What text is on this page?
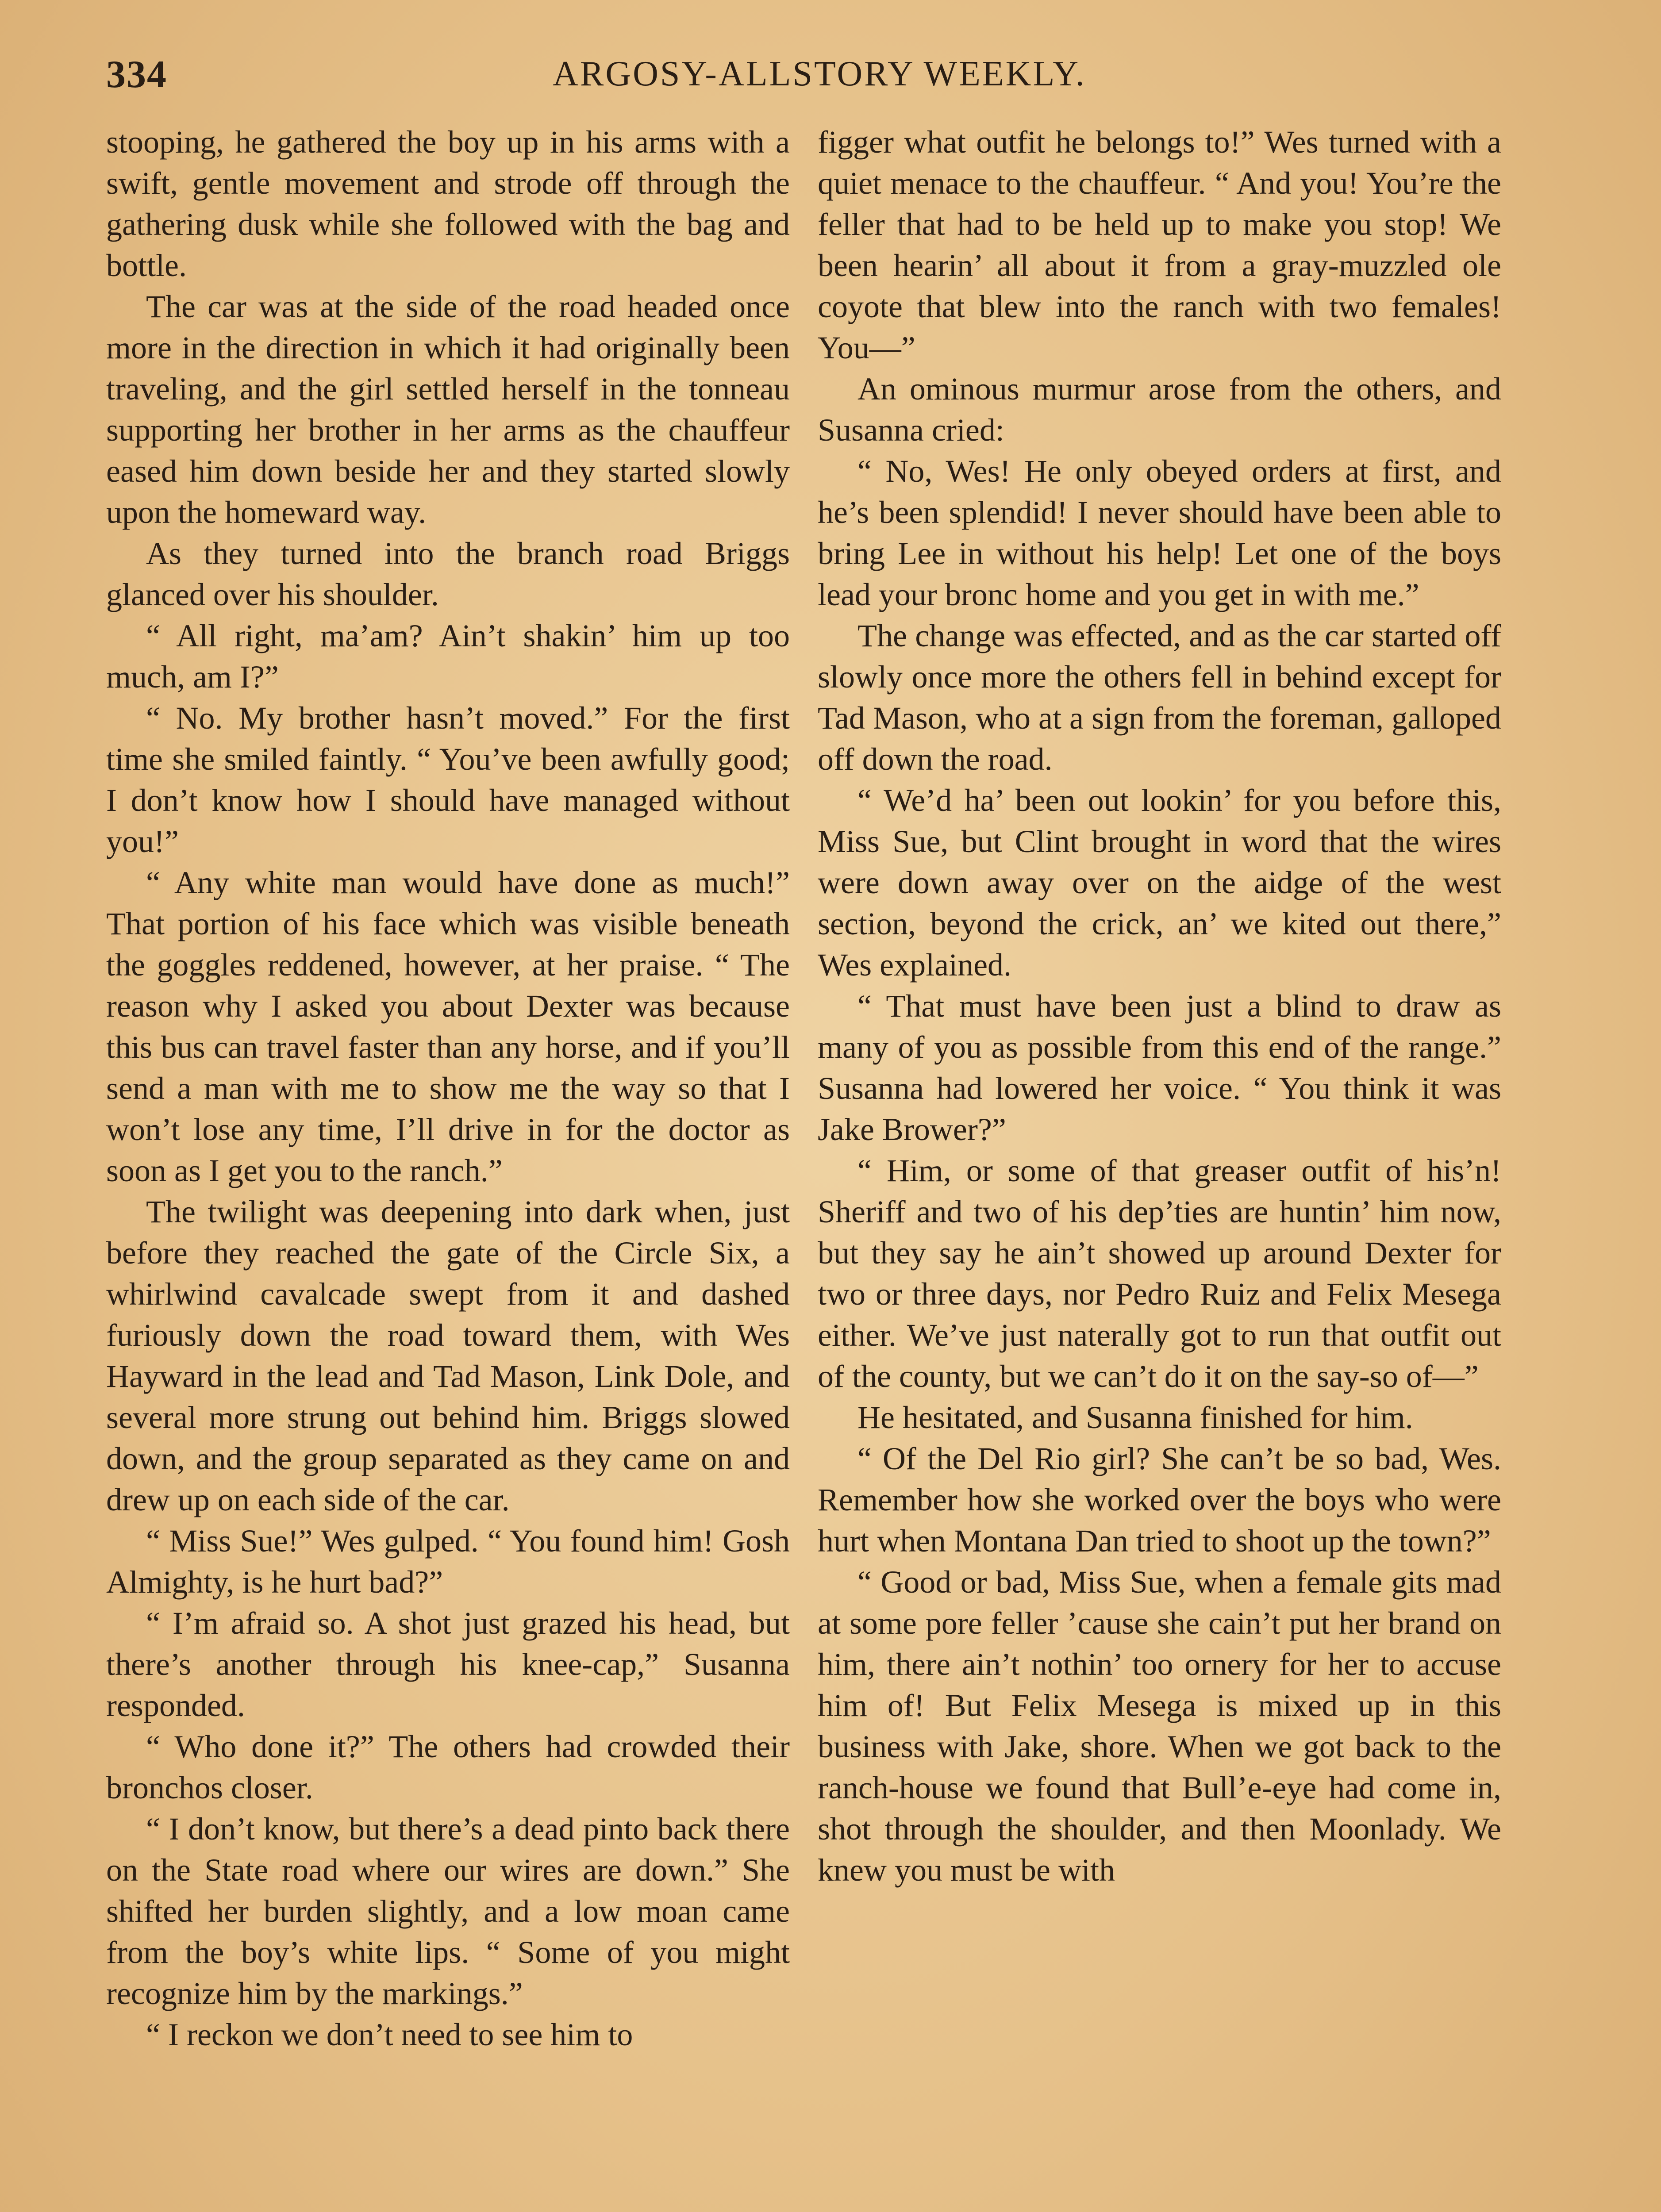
334	ARGOSY-ALLSTORY WEEKLY.

stooping, he gathered the boy up in his arms with a swift, gentle movement and strode off through the gathering dusk while she followed with the bag and bottle.

The car was at the side of the road headed once more in the direction in which it had originally been traveling, and the girl settled herself in the tonneau supporting her brother in her arms as the chauffeur eased him down beside her and they started slowly upon the homeward way.

As they turned into the branch road Briggs glanced over his shoulder.

“ All right, ma’am? Ain’t shakin’ him up too much, am I?”

“ No. My brother hasn’t moved.” For the first time she smiled faintly. “ You’ve been awfully good; I don’t know how I should have managed without you!”

“ Any white man would have done as much!” That portion of his face which was visible beneath the goggles reddened, however, at her praise. “ The reason why I asked you about Dexter was because this bus can travel faster than any horse, and if you’ll send a man with me to show me the way so that I won’t lose any time, I’ll drive in for the doctor as soon as I get you to the ranch.”

The twilight was deepening into dark when, just before they reached the gate of the Circle Six, a whirlwind cavalcade swept from it and dashed furiously down the road toward them, with Wes Hayward in the lead and Tad Mason, Link Dole, and several more strung out behind him. Briggs slowed down, and the group separated as they came on and drew up on each side of the car.

“ Miss Sue!” Wes gulped. “ You found him! Gosh Almighty, is he hurt bad?”

“ I’m afraid so. A shot just grazed his head, but there’s another through his knee-cap,” Susanna responded.

“ Who done it?” The others had crowded their bronchos closer.

“ I don’t know, but there’s a dead pinto back there on the State road where our wires are down.” She shifted her burden slightly, and a low moan came from the boy’s white lips. “ Some of you might recognize him by the markings.”

“ I reckon we don’t need to see him to

figger what outfit he belongs to!” Wes turned with a quiet menace to the chauffeur. “ And you! You’re the feller that had to be held up to make you stop! We been hearin’ all about it from a gray-muzzled ole coyote that blew into the ranch with two females! You—”

An ominous murmur arose from the others, and Susanna cried:

“ No, Wes! He only obeyed orders at first, and he’s been splendid! I never should have been able to bring Lee in without his help! Let one of the boys lead your bronc home and you get in with me.”

The change was effected, and as the car started off slowly once more the others fell in behind except for Tad Mason, who at a sign from the foreman, galloped off down the road.

“ We’d ha’ been out lookin’ for you before this, Miss Sue, but Clint brought in word that the wires were down away over on the aidge of the west section, beyond the crick, an’ we kited out there,” Wes explained.

“ That must have been just a blind to draw as many of you as possible from this end of the range.” Susanna had lowered her voice. “ You think it was Jake Brower?”

“ Him, or some of that greaser outfit of his’n! Sheriff and two of his dep’ties are huntin’ him now, but they say he ain’t showed up around Dexter for two or three days, nor Pedro Ruiz and Felix Mesega either. We’ve just naterally got to run that outfit out of the county, but we can’t do it on the say-so of—”

He hesitated, and Susanna finished for him.

“ Of the Del Rio girl? She can’t be so bad, Wes. Remember how she worked over the boys who were hurt when Montana Dan tried to shoot up the town?”

“ Good or bad, Miss Sue, when a female gits mad at some pore feller ’cause she cain’t put her brand on him, there ain’t nothin’ too ornery for her to accuse him of! But Felix Mesega is mixed up in this business with Jake, shore. When we got back to the ranch-house we found that Bull’e-eye had come in, shot through the shoulder, and then Moonlady. We knew you must be with
